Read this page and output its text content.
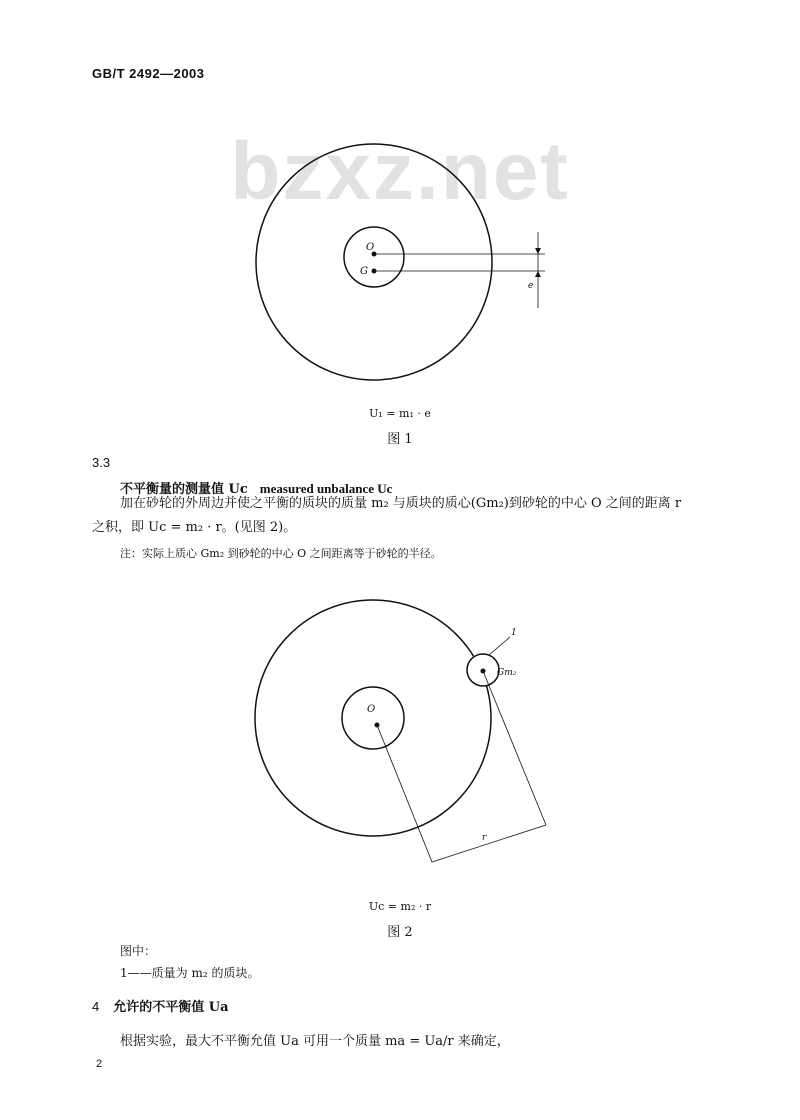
GB/T 2492—2003
bzxz.net
O
G
e
U₁ = m₁ · e
图 1
3.3
不平衡量的测量值 Uc measured unbalance Uc
加在砂轮的外周边并使之平衡的质块的质量 m₂ 与质块的质心(Gm₂)到砂轮的中心 O 之间的距离 r
之积，即 Uc = m₂ · r。(见图 2)。
注：实际上质心 Gm₂ 到砂轮的中心 O 之间距离等于砂轮的半径。
O
Gm₂
1
r
Uc = m₂ · r
图 2
图中：
1——质量为 m₂ 的质块。
4 允许的不平衡值 Ua
根据实验，最大不平衡允值 Ua 可用一个质量 ma = Ua/r 来确定，
2
